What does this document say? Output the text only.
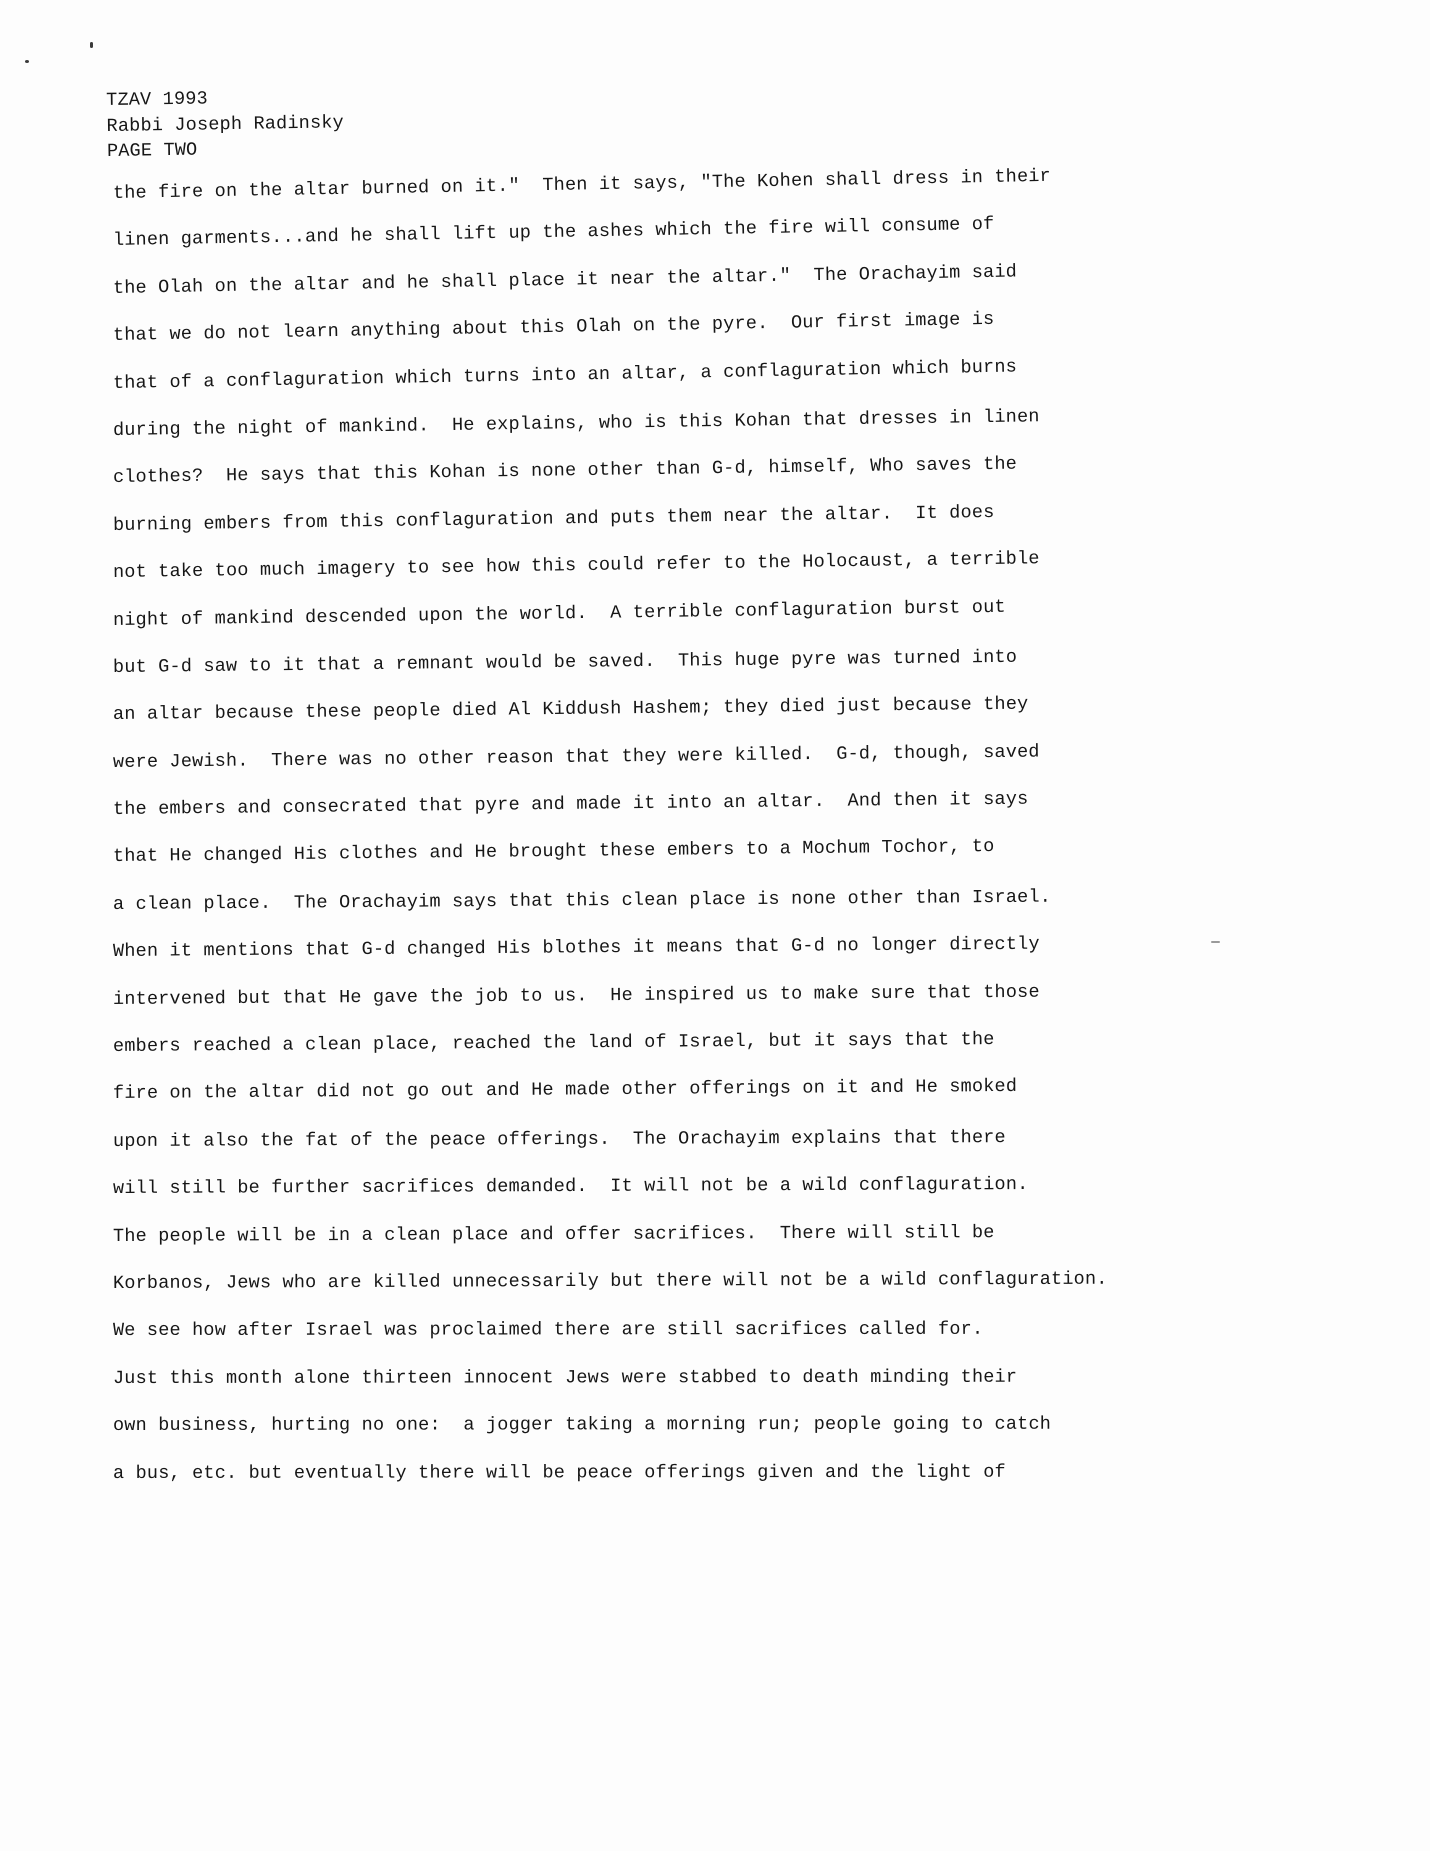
TZAV 1993
Rabbi Joseph Radinsky
PAGE TWO
the fire on the altar burned on it."  Then it says, "The Kohen shall dress in their
linen garments...and he shall lift up the ashes which the fire will consume of
the Olah on the altar and he shall place it near the altar."  The Orachayim said
that we do not learn anything about this Olah on the pyre.  Our first image is
that of a conflaguration which turns into an altar, a conflaguration which burns
during the night of mankind.  He explains, who is this Kohan that dresses in linen
clothes?  He says that this Kohan is none other than G-d, himself, Who saves the
burning embers from this conflaguration and puts them near the altar.  It does
not take too much imagery to see how this could refer to the Holocaust, a terrible
night of mankind descended upon the world.  A terrible conflaguration burst out
but G-d saw to it that a remnant would be saved.  This huge pyre was turned into
an altar because these people died Al Kiddush Hashem; they died just because they
were Jewish.  There was no other reason that they were killed.  G-d, though, saved
the embers and consecrated that pyre and made it into an altar.  And then it says
that He changed His clothes and He brought these embers to a Mochum Tochor, to
a clean place.  The Orachayim says that this clean place is none other than Israel.
When it mentions that G-d changed His blothes it means that G-d no longer directly
intervened but that He gave the job to us.  He inspired us to make sure that those
embers reached a clean place, reached the land of Israel, but it says that the
fire on the altar did not go out and He made other offerings on it and He smoked
upon it also the fat of the peace offerings.  The Orachayim explains that there
will still be further sacrifices demanded.  It will not be a wild conflaguration.
The people will be in a clean place and offer sacrifices.  There will still be
Korbanos, Jews who are killed unnecessarily but there will not be a wild conflaguration.
We see how after Israel was proclaimed there are still sacrifices called for.
Just this month alone thirteen innocent Jews were stabbed to death minding their
own business, hurting no one:  a jogger taking a morning run; people going to catch
a bus, etc. but eventually there will be peace offerings given and the light of
